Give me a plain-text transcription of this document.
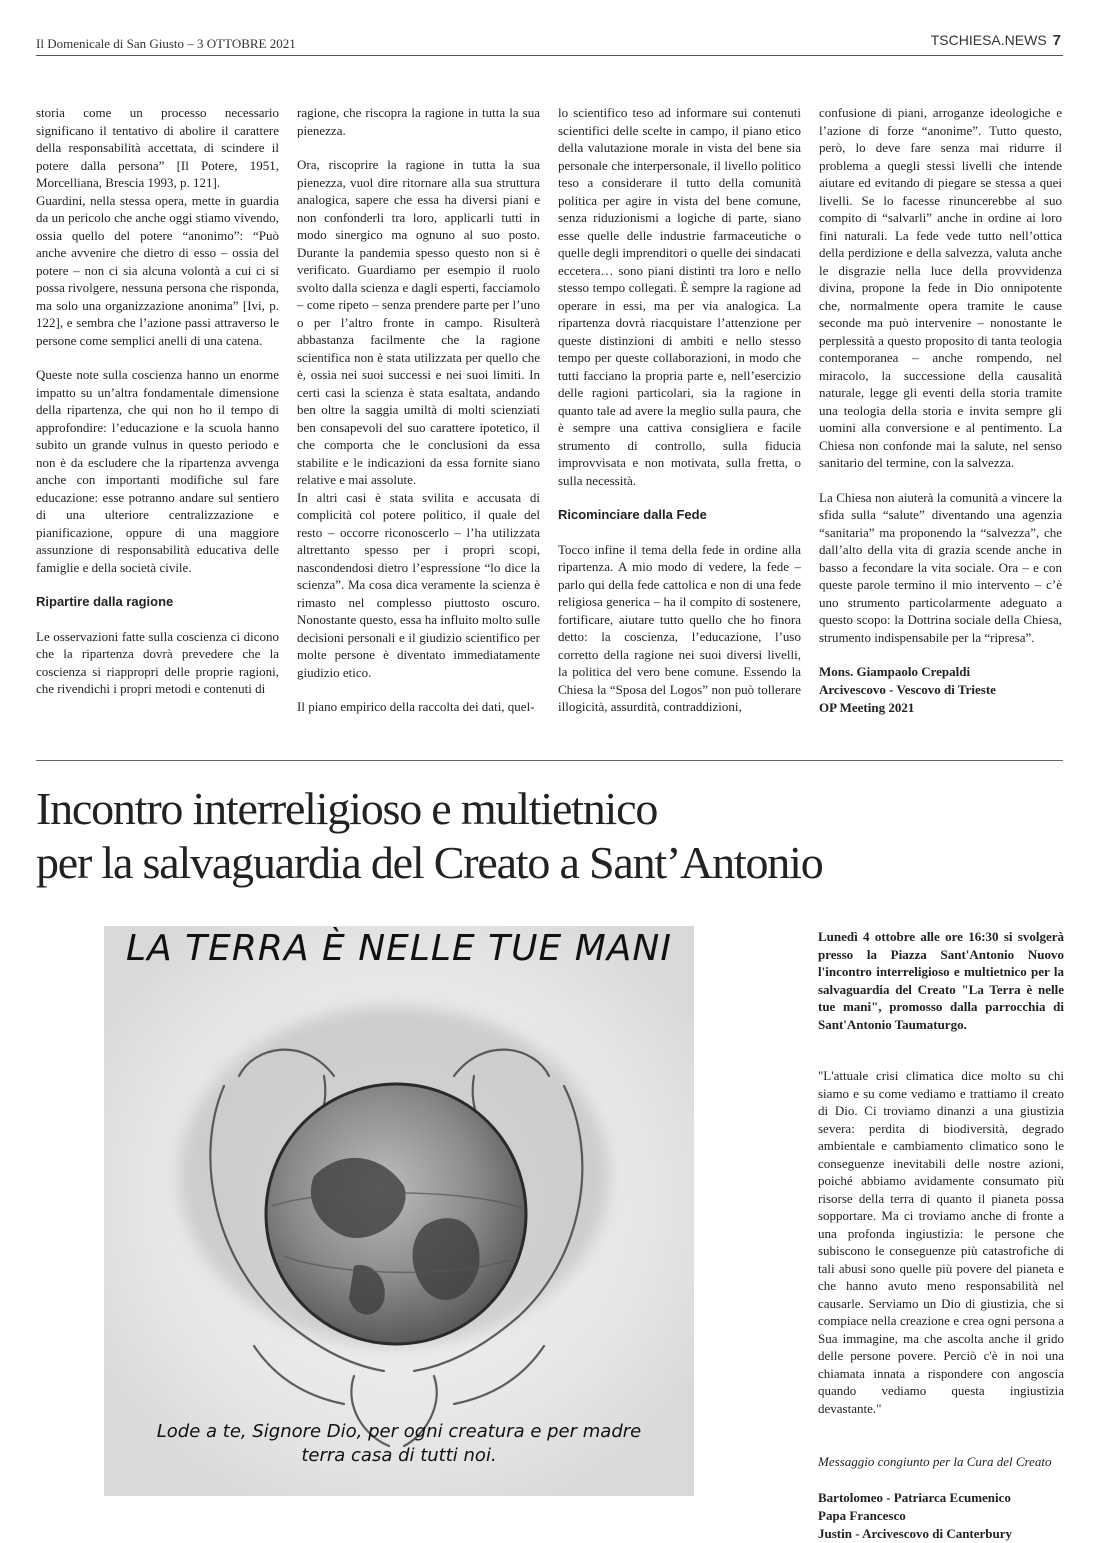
Il Domenicale di San Giusto – 3 OTTOBRE 2021	TSCHIESA.NEWS 7

storia come un processo necessario significano il tentativo di abolire il carattere della responsabilità accettata, di scindere il potere dalla persona” [Il Potere, 1951, Morcelliana, Brescia 1993, p. 121].

Guardini, nella stessa opera, mette in guardia da un pericolo che anche oggi stiamo vivendo, ossia quello del potere “anonimo”: “Può anche avvenire che dietro di esso – ossia del potere – non ci sia alcuna volontà a cui ci si possa rivolgere, nessuna persona che risponda, ma solo una organizzazione anonima” [Ivi, p. 122], e sembra che l’azione passi attraverso le persone come semplici anelli di una catena.

Queste note sulla coscienza hanno un enorme impatto su un’altra fondamentale dimensione della ripartenza, che qui non ho il tempo di approfondire: l’educazione e la scuola hanno subito un grande vulnus in questo periodo e non è da escludere che la ripartenza avvenga anche con importanti modifiche sul fare educazione: esse potranno andare sul sentiero di una ulteriore centralizzazione e pianificazione, oppure di una maggiore assunzione di responsabilità educativa delle famiglie e della società civile.

Ripartire dalla ragione

Le osservazioni fatte sulla coscienza ci dicono che la ripartenza dovrà prevedere che la coscienza si riappropri delle proprie ragioni, che rivendichi i propri metodi e contenuti di

ragione, che riscopra la ragione in tutta la sua pienezza.

Ora, riscoprire la ragione in tutta la sua pienezza, vuol dire ritornare alla sua struttura analogica, sapere che essa ha diversi piani e non confonderli tra loro, applicarli tutti in modo sinergico ma ognuno al suo posto. Durante la pandemia spesso questo non si è verificato. Guardiamo per esempio il ruolo svolto dalla scienza e dagli esperti, facciamolo – come ripeto – senza prendere parte per l’uno o per l’altro fronte in campo. Risulterà abbastanza facilmente che la ragione scientifica non è stata utilizzata per quello che è, ossia nei suoi successi e nei suoi limiti. In certi casi la scienza è stata esaltata, andando ben oltre la saggia umiltà di molti scienziati ben consapevoli del suo carattere ipotetico, il che comporta che le conclusioni da essa stabilite e le indicazioni da essa fornite siano relative e mai assolute.

In altri casi è stata svilita e accusata di complicità col potere politico, il quale del resto – occorre riconoscerlo – l’ha utilizzata altrettanto spesso per i propri scopi, nascondendosi dietro l’espressione “lo dice la scienza”. Ma cosa dica veramente la scienza è rimasto nel complesso piuttosto oscuro. Nonostante questo, essa ha influito molto sulle decisioni personali e il giudizio scientifico per molte persone è diventato immediatamente giudizio etico.

Il piano empirico della raccolta dei dati, quel-

lo scientifico teso ad informare sui contenuti scientifici delle scelte in campo, il piano etico della valutazione morale in vista del bene sia personale che interpersonale, il livello politico teso a considerare il tutto della comunità politica per agire in vista del bene comune, senza riduzionismi a logiche di parte, siano esse quelle delle industrie farmaceutiche o quelle degli imprenditori o quelle dei sindacati eccetera… sono piani distinti tra loro e nello stesso tempo collegati. È sempre la ragione ad operare in essi, ma per via analogica. La ripartenza dovrà riacquistare l’attenzione per queste distinzioni di ambiti e nello stesso tempo per queste collaborazioni, in modo che tutti facciano la propria parte e, nell’esercizio delle ragioni particolari, sia la ragione in quanto tale ad avere la meglio sulla paura, che è sempre una cattiva consigliera e facile strumento di controllo, sulla fiducia improvvisata e non motivata, sulla fretta, o sulla necessità.

Ricominciare dalla Fede

Tocco infine il tema della fede in ordine alla ripartenza. A mio modo di vedere, la fede – parlo qui della fede cattolica e non di una fede religiosa generica – ha il compito di sostenere, fortificare, aiutare tutto quello che ho finora detto: la coscienza, l’educazione, l’uso corretto della ragione nei suoi diversi livelli, la politica del vero bene comune. Essendo la Chiesa la “Sposa del Logos” non può tollerare illogicità, assurdità, contraddizioni,

confusione di piani, arroganze ideologiche e l’azione di forze “anonime”. Tutto questo, però, lo deve fare senza mai ridurre il problema a quegli stessi livelli che intende aiutare ed evitando di piegare se stessa a quei livelli. Se lo facesse rinuncerebbe al suo compito di “salvarli” anche in ordine ai loro fini naturali. La fede vede tutto nell’ottica della perdizione e della salvezza, valuta anche le disgrazie nella luce della provvidenza divina, propone la fede in Dio onnipotente che, normalmente opera tramite le cause seconde ma può intervenire – nonostante le perplessità a questo proposito di tanta teologia contemporanea – anche rompendo, nel miracolo, la successione della causalità naturale, legge gli eventi della storia tramite una teologia della storia e invita sempre gli uomini alla conversione e al pentimento. La Chiesa non confonde mai la salute, nel senso sanitario del termine, con la salvezza.

La Chiesa non aiuterà la comunità a vincere la sfida sulla “salute” diventando una agenzia “sanitaria” ma proponendo la “salvezza”, che dall’alto della vita di grazia scende anche in basso a fecondare la vita sociale. Ora – e con queste parole termino il mio intervento – c’è uno strumento particolarmente adeguato a questo scopo: la Dottrina sociale della Chiesa, strumento indispensabile per la “ripresa”.

Mons. Giampaolo Crepaldi
Arcivescovo - Vescovo di Trieste
OP Meeting 2021
Incontro interreligioso e multietnico
per la salvaguardia del Creato a Sant’Antonio
LA TERRA È NELLE TUE MANI
Lode a te, Signore Dio, per ogni creatura e per madre
terra casa di tutti noi.

Lunedì 4 ottobre alle ore 16:30 si svolgerà presso la Piazza Sant'Antonio Nuovo l'incontro interreligioso e multietnico per la salvaguardia del Creato "La Terra è nelle tue mani", promosso dalla parrocchia di Sant'Antonio Taumaturgo.

"L'attuale crisi climatica dice molto su chi siamo e su come vediamo e trattiamo il creato di Dio. Ci troviamo dinanzi a una giustizia severa: perdita di biodiversità, degrado ambientale e cambiamento climatico sono le conseguenze inevitabili delle nostre azioni, poiché abbiamo avidamente consumato più risorse della terra di quanto il pianeta possa sopportare. Ma ci troviamo anche di fronte a una profonda ingiustizia: le persone che subiscono le conseguenze più catastrofiche di tali abusi sono quelle più povere del pianeta e che hanno avuto meno responsabilità nel causarle. Serviamo un Dio di giustizia, che si compiace nella creazione e crea ogni persona a Sua immagine, ma che ascolta anche il grido delle persone povere. Perciò c'è in noi una chiamata innata a rispondere con angoscia quando vediamo questa ingiustizia devastante."

Messaggio congiunto per la Cura del Creato

Bartolomeo - Patriarca Ecumenico
Papa Francesco
Justin - Arcivescovo di Canterbury
